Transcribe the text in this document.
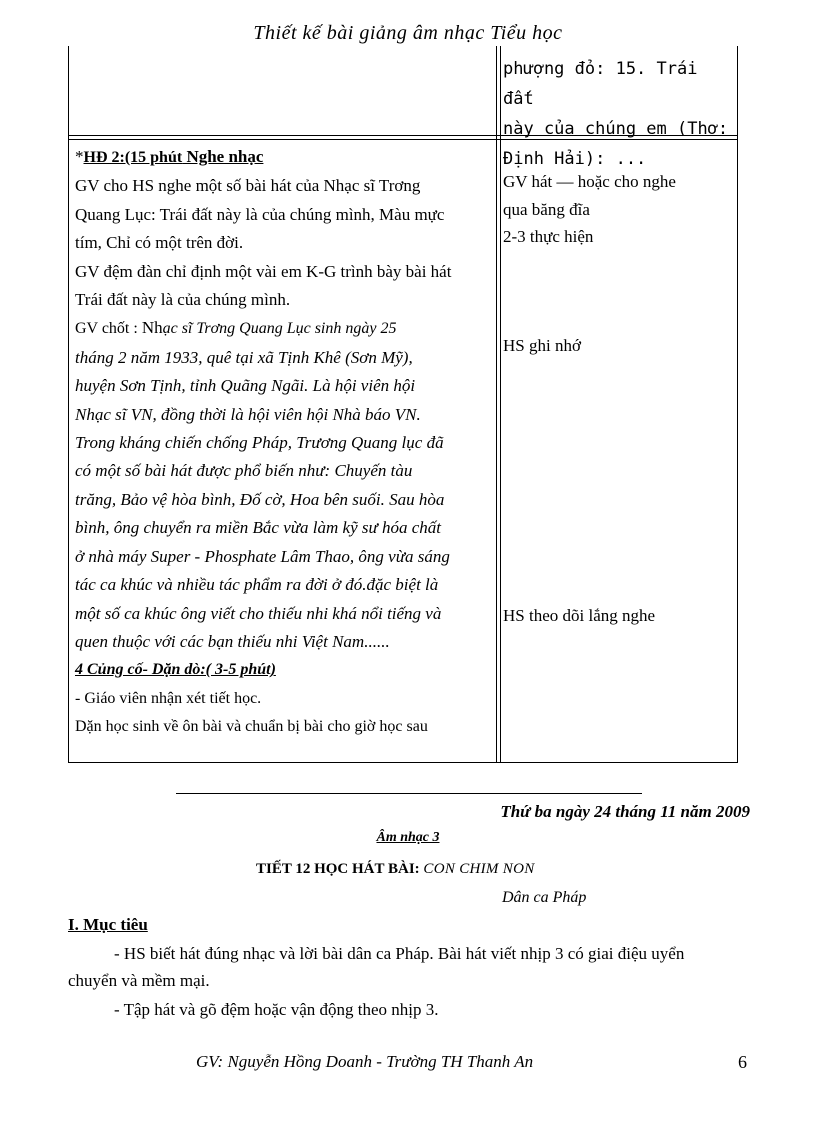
Thiết kế bài giảng âm nhạc Tiểu học
phượng đỏ: 15. Trái đất
này của chúng em (Thơ:
Định Hải): ...
*HĐ 2:(15 phút Nghe nhạc
GV cho HS nghe một số bài hát của Nhạc sĩ Trơng
Quang Lục: Trái đất này là của chúng mình, Màu mực
tím, Chỉ có một trên đời.
GV đệm đàn chỉ định một vài em K-G trình bày bài hát
Trái đất này là của chúng mình.
GV chốt : Nhạc sĩ Trơng Quang Lục sinh ngày 25
tháng 2 năm 1933, quê tại xã Tịnh Khê (Sơn Mỹ),
huyện Sơn Tịnh, tỉnh Quãng Ngãi. Là hội viên hội
Nhạc sĩ VN, đồng thời là hội viên hội Nhà báo VN.
Trong kháng chiến chống Pháp, Trương Quang lục đã
có một số bài hát được phổ biến như: Chuyến tàu
trăng, Bảo vệ hòa bình, Đố cờ, Hoa bên suối. Sau hòa
bình, ông chuyển ra miền Bắc vừa làm kỹ sư hóa chất
ở nhà máy Super - Phosphate Lâm Thao, ông vừa sáng
tác ca khúc và nhiều tác phẩm ra đời ở đó.đặc biệt là
một số ca khúc ông viết cho thiếu nhi khá nổi tiếng và
quen thuộc với các bạn thiếu nhi Việt Nam......
4 Củng cố- Dặn dò:( 3-5 phút)
- Giáo viên nhận xét tiết học.
Dặn học sinh về ôn bài và chuẩn bị bài cho giờ học sau
GV hát — hoặc cho nghe
qua băng đĩa
2-3 thực hiện
HS ghi nhớ
HS theo dõi lắng nghe
Thứ ba ngày 24 tháng 11 năm 2009
Âm nhạc 3
TIẾT 12 HỌC HÁT BÀI: CON CHIM NON
Dân ca Pháp
I. Mục tiêu
- HS biết hát đúng nhạc và lời bài dân ca Pháp. Bài hát viết nhịp 3 có giai điệu uyển
chuyển và mềm mại.
- Tập hát và gõ đệm hoặc vận động theo nhịp 3.
GV: Nguyễn Hồng Doanh - Trường TH Thanh An	6
